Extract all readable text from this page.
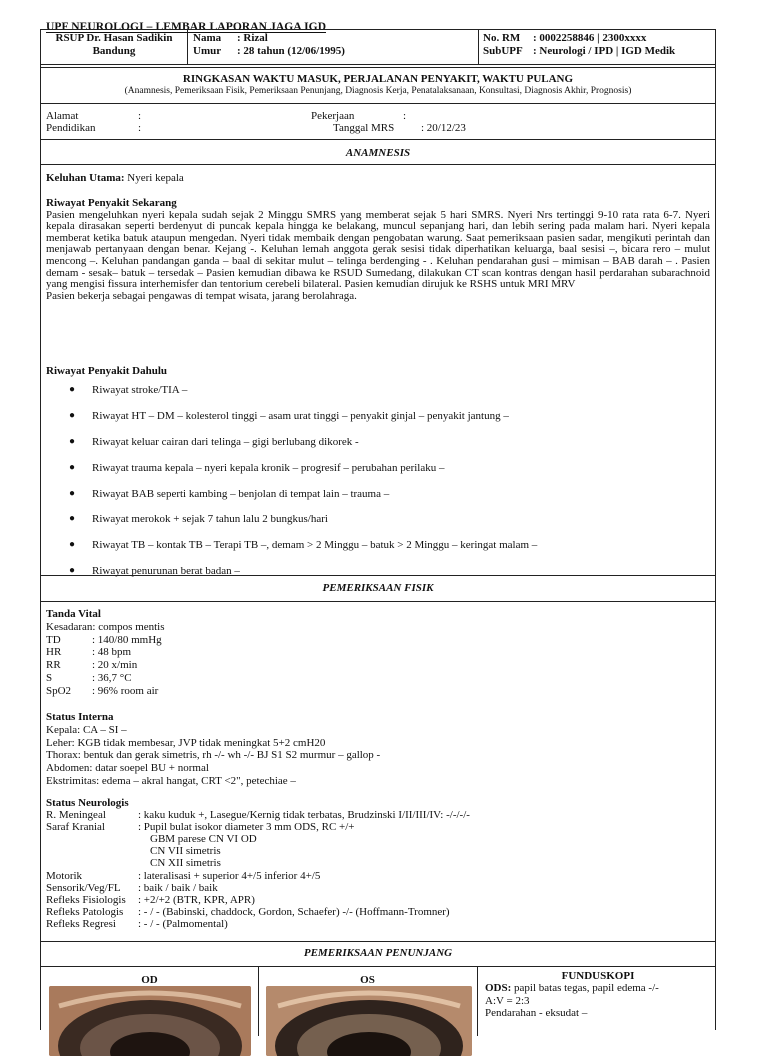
UPF NEUROLOGI – LEMBAR LAPORAN JAGA IGD
RSUP Dr. Hasan Sadikin
Bandung
Nama : Rizal
Umur : 28 tahun (12/06/1995)
No. RM : 0002258846 | 2300xxxx
SubUPF : Neurologi / IPD | IGD Medik
RINGKASAN WAKTU MASUK, PERJALANAN PENYAKIT, WAKTU PULANG
(Anamnesis, Pemeriksaan Fisik, Pemeriksaan Penunjang, Diagnosis Kerja, Penatalaksanaan, Konsultasi, Diagnosis Akhir, Prognosis)
Alamat	:
Pendidikan	:
Pekerjaan	:
Tanggal MRS : 20/12/23
ANAMNESIS
Keluhan Utama: Nyeri kepala
Riwayat Penyakit Sekarang
Pasien mengeluhkan nyeri kepala sudah sejak 2 Minggu SMRS yang memberat sejak 5 hari SMRS. Nyeri Nrs tertinggi 9-10 rata rata 6-7. Nyeri kepala dirasakan seperti berdenyut di puncak kepala hingga ke belakang, muncul sepanjang hari, dan lebih sering pada malam hari. Nyeri kepala memberat ketika batuk ataupun mengedan. Nyeri tidak membaik dengan pengobatan warung. Saat pemeriksaan pasien sadar, mengikuti perintah dan menjawab pertanyaan dengan benar. Kejang -. Keluhan lemah anggota gerak sesisi tidak diperhatikan keluarga, baal sesisi –, bicara rero – mulut mencong –. Keluhan pandangan ganda – baal di sekitar mulut – telinga berdenging - . Keluhan pendarahan gusi – mimisan – BAB darah – . Pasien demam - sesak– batuk – tersedak – Pasien kemudian dibawa ke RSUD Sumedang, dilakukan CT scan kontras dengan hasil perdarahan subarachnoid yang mengisi fissura interhemisfer dan tentorium cerebeli bilateral. Pasien kemudian dirujuk ke RSHS untuk MRI MRV
Pasien bekerja sebagai pengawas di tempat wisata, jarang berolahraga.
Riwayat Penyakit Dahulu
● Riwayat stroke/TIA –
● Riwayat HT – DM – kolesterol tinggi – asam urat tinggi – penyakit ginjal – penyakit jantung –
● Riwayat keluar cairan dari telinga – gigi berlubang dikorek -
● Riwayat trauma kepala – nyeri kepala kronik – progresif – perubahan perilaku –
● Riwayat BAB seperti kambing – benjolan di tempat lain – trauma –
● Riwayat merokok + sejak 7 tahun lalu 2 bungkus/hari
● Riwayat TB – kontak TB – Terapi TB –, demam > 2 Minggu – batuk > 2 Minggu – keringat malam –
● Riwayat penurunan berat badan –
PEMERIKSAAN FISIK
Tanda Vital
Kesadaran: compos mentis
TD	: 140/80 mmHg
HR	: 48 bpm
RR	: 20 x/min
S	: 36,7 °C
SpO2 : 96% room air
Status Interna
Kepala: CA – SI –
Leher: KGB tidak membesar, JVP tidak meningkat 5+2 cmH20
Thorax: bentuk dan gerak simetris, rh -/- wh -/- BJ S1 S2 murmur – gallop -
Abdomen: datar soepel BU + normal
Ekstrimitas: edema – akral hangat, CRT <2", petechiae –
Status Neurologis
R. Meningeal	: kaku kuduk +, Lasegue/Kernig tidak terbatas, Brudzinski I/II/III/IV: -/-/-/-
Saraf Kranial	: Pupil bulat isokor diameter 3 mm ODS, RC +/+
GBM parese CN VI OD
CN VII simetris
CN XII simetris
Motorik	: lateralisasi + superior 4+/5 inferior 4+/5
Sensorik/Veg/FL : baik / baik / baik
Refleks Fisiologis : +2/+2 (BTR, KPR, APR)
Refleks Patologis : - / - (Babinski, chaddock, Gordon, Schaefer) -/- (Hoffmann-Tromner)
Refleks Regresi : - / - (Palmomental)
PEMERIKSAAN PENUNJANG
OD	OS	FUNDUSKOPI
ODS: papil batas tegas, papil edema -/-
A:V = 2:3
Pendarahan - eksudat –
